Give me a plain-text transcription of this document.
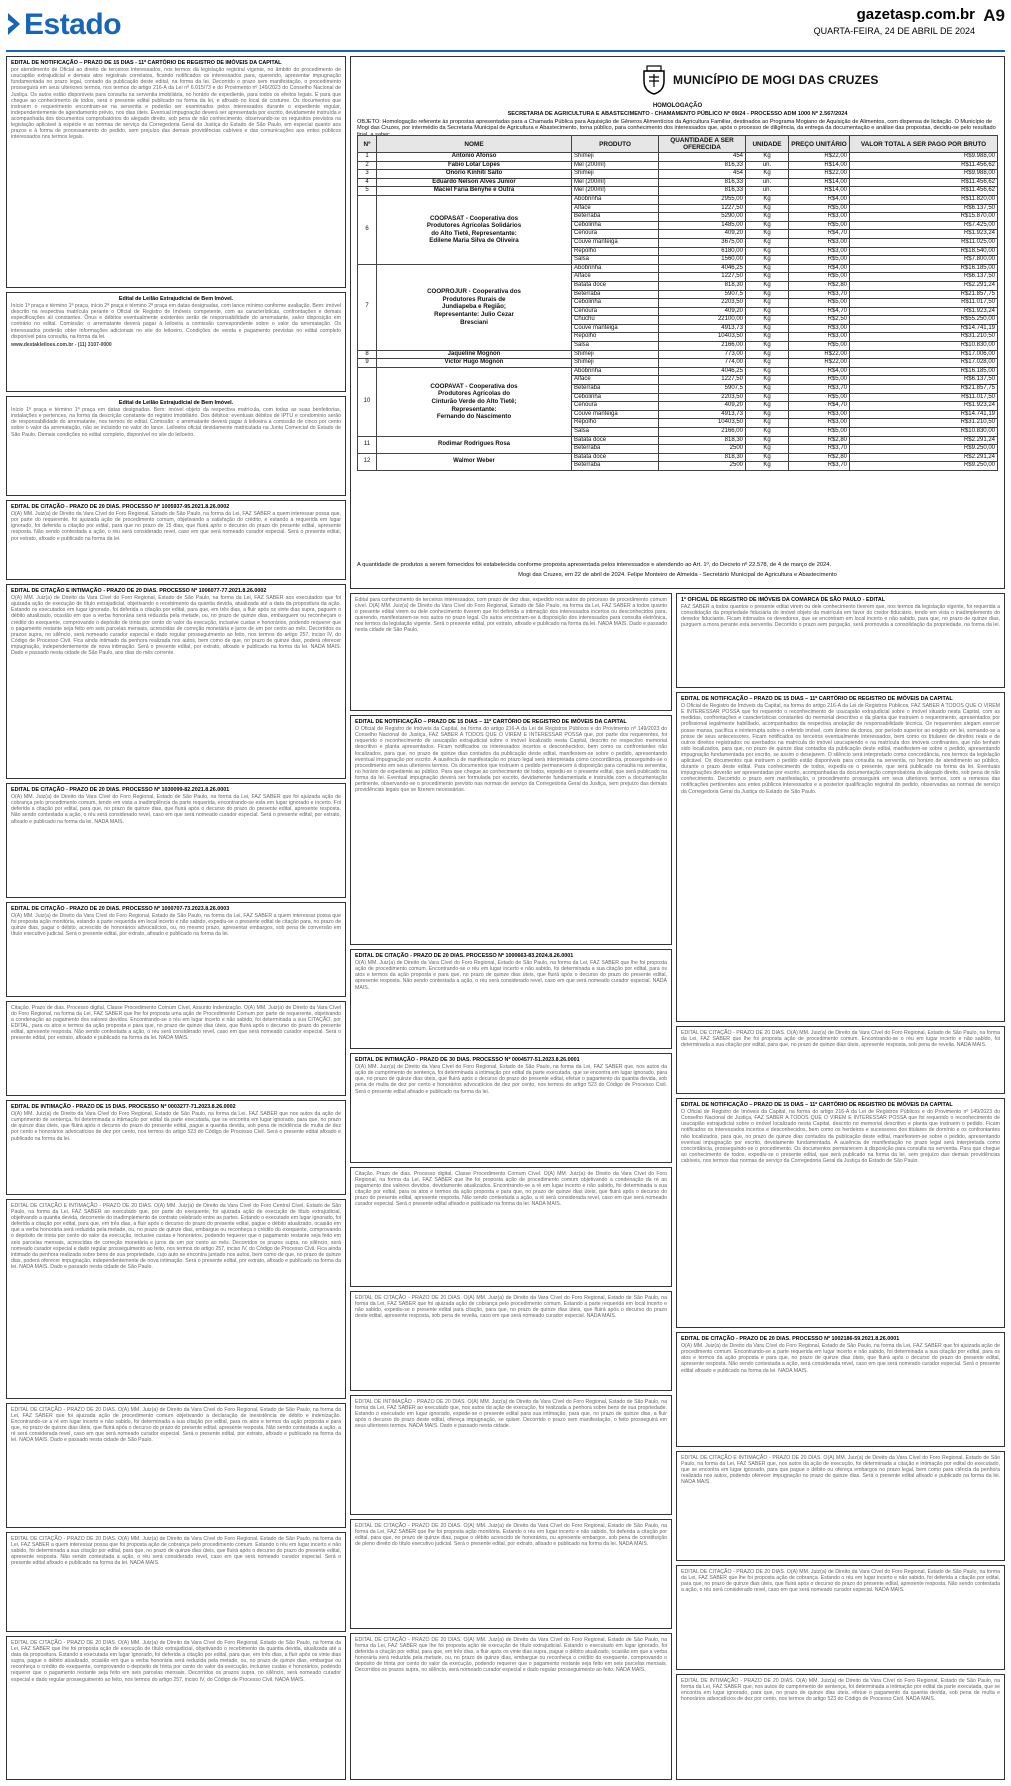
Estado	gazetasp.com.br
QUARTA-FEIRA, 24 DE ABRIL DE 2024
A9
EDITAL DE NOTIFICAÇÃO – PRAZO DE 15 DIAS - 11º CARTÓRIO DE REGISTRO DE IMÓVEIS DA CAPITAL
por atendimento de Oficial ao direito de terceiros interessados, nos termos da legislação registral vigente, no âmbito do procedimento de usucapião extrajudicial e demais atos registrais correlatos, ficando notificados os interessados para, querendo, apresentar impugnação fundamentada no prazo legal, contado da publicação deste edital, na forma da lei. Decorrido o prazo sem manifestação, o procedimento prosseguirá em seus ulteriores termos, nos termos do artigo 216-A da Lei nº 6.015/73 e do Provimento nº 149/2023 do Conselho Nacional de Justiça. Os autos estão disponíveis para consulta na serventia imobiliária, no horário de expediente, para todos os efeitos legais. E para que chegue ao conhecimento de todos, será o presente edital publicado na forma da lei, e afixado no local de costume. Os documentos que instruem o requerimento encontram-se na serventia e poderão ser examinados pelos interessados durante o expediente regular, independentemente de agendamento prévio, nos dias úteis. Eventual impugnação deverá ser apresentada por escrito, devidamente instruída e acompanhada dos documentos comprobatórios do alegado direito, sob pena de não conhecimento, observando-se os requisitos previstos na legislação aplicável à espécie e as normas de serviço da Corregedoria Geral da Justiça do Estado de São Paulo, em especial quanto aos prazos e à forma de processamento do pedido, sem prejuízo das demais providências cabíveis e das comunicações aos entes públicos interessados nos termos legais.
Edital de Leilão Extrajudicial de Bem Imóvel.
Início 1ª praça e término 1ª praça, início 2ª praça e término 2ª praça em datas designadas, com lance mínimo conforme avaliação. Bem: imóvel descrito na respectiva matrícula perante o Oficial de Registro de Imóveis competente, com as características, confrontações e demais especificações ali constantes. Ônus e débitos eventualmente existentes serão de responsabilidade do arrematante, salvo disposição em contrário no edital. Comissão: o arrematante deverá pagar à leiloeira a comissão correspondente sobre o valor da arrematação. Os interessados poderão obter informações adicionais no site do leiloeiro. Condições de venda e pagamento previstas no edital completo disponível para consulta, na forma da lei.
www.destakleiloes.com.br - (11) 3107-0000
Edital de Leilão Extrajudicial de Bem Imóvel.
Início 1ª praça e término 1ª praça em datas designadas. Bem: imóvel objeto da respectiva matrícula, com todas as suas benfeitorias, instalações e pertences, na forma da descrição constante do registro imobiliário. Dos débitos: eventuais débitos de IPTU e condomínio serão de responsabilidade do arrematante, nos termos do edital. Comissão: o arrematante deverá pagar à leiloeira a comissão de cinco por cento sobre o valor da arrematação, não se incluindo no valor do lance. Leiloeira oficial devidamente matriculada na Junta Comercial do Estado de São Paulo. Demais condições no edital completo, disponível no site do leiloeiro.
EDITAL DE CITAÇÃO - PRAZO DE 20 DIAS. PROCESSO Nº 1005937-95.2021.8.26.0002
O(A) MM. Juiz(a) de Direito da Vara Cível do Foro Regional, Estado de São Paulo, na forma da Lei, FAZ SABER a quem interessar possa que, por parte do requerente, foi ajuizada ação de procedimento comum, objetivando a satisfação do crédito, e estando a requerida em lugar ignorado, foi deferida a citação por edital, para que no prazo de 15 dias, que fluirá após o decurso do prazo do presente edital, apresente resposta. Não sendo contestada a ação, o réu será considerado revel, caso em que será nomeado curador especial. Será o presente edital, por extrato, afixado e publicado na forma da lei.
EDITAL DE CITAÇÃO E INTIMAÇÃO - PRAZO DE 20 DIAS. PROCESSO Nº 1006077-77.2021.8.26.0002
O(A) MM. Juiz(a) de Direito da Vara Cível do Foro Regional, Estado de São Paulo, na forma da Lei, FAZ SABER aos executados que foi ajuizada ação de execução de título extrajudicial, objetivando o recebimento da quantia devida, atualizada até a data da propositura da ação. Estando os executados em lugar ignorado, foi deferida a citação por edital, para que, em três dias, a fluir após os vinte dias supra, paguem o débito atualizado, ocasião em que a verba honorária será reduzida pela metade, ou, no prazo de quinze dias, embarguem ou reconheçam o crédito do exequente, comprovando o depósito de trinta por cento do valor da execução, inclusive custas e honorários, podendo requerer que o pagamento restante seja feito em seis parcelas mensais, acrescidas de correção monetária e juros de um por cento ao mês. Decorridos os prazos supra, no silêncio, será nomeado curador especial e dado regular prosseguimento ao feito, nos termos do artigo 257, inciso IV, do Código de Processo Civil. Fica ainda intimado da penhora realizada nos autos, bem como de que, no prazo de quinze dias, poderá oferecer impugnação, independentemente de nova intimação. Será o presente edital, por extrato, afixado e publicado na forma da lei. NADA MAIS. Dado e passado nesta cidade de São Paulo, aos dias do mês corrente.
EDITAL DE CITAÇÃO - PRAZO DE 20 DIAS. PROCESSO Nº 1030099-82.2021.8.26.0001
O(A) MM. Juiz(a) de Direito da Vara Cível do Foro Regional, Estado de São Paulo, na forma da Lei, FAZ SABER que foi ajuizada ação de cobrança pelo procedimento comum, tendo em vista a inadimplência da parte requerida, encontrando-se esta em lugar ignorado e incerto. Foi deferida a citação por edital, para que, no prazo de quinze dias, que fluirá após o decurso do prazo do presente edital, apresente resposta. Não sendo contestada a ação, o réu será considerado revel, caso em que será nomeado curador especial. Será o presente edital, por extrato, afixado e publicado na forma da lei. NADA MAIS.
EDITAL DE CITAÇÃO - PRAZO DE 20 DIAS. PROCESSO Nº 1000707-73.2023.8.26.0003
O(A) MM. Juiz(a) de Direito da Vara Cível do Foro Regional, Estado de São Paulo, na forma da Lei, FAZ SABER a quem interessar possa que foi proposta ação monitória, estando a parte requerida em local incerto e não sabido, expediu-se o presente edital de citação para, no prazo de quinze dias, pagar o débito, acrescido de honorários advocatícios, ou, no mesmo prazo, apresentar embargos, sob pena de conversão em título executivo judicial. Será o presente edital, por extrato, afixado e publicado na forma da lei.
Citação. Prazo de dias. Processo digital, Classe Procedimento Comum Cível, Assunto Indenização. O(A) MM. Juiz(a) de Direito da Vara Cível do Foro Regional, na forma da Lei, FAZ SABER que lhe foi proposta uma ação de Procedimento Comum por parte de requerente, objetivando a condenação ao pagamento dos valores devidos. Encontrando-se o réu em lugar incerto e não sabido, foi determinada a sua CITAÇÃO, por EDITAL, para os atos e termos da ação proposta e para que, no prazo de quinze dias úteis, que fluirá após o decurso do prazo do presente edital, apresente resposta. Não sendo contestada a ação, o réu será considerado revel, caso em que será nomeado curador especial. Será o presente edital, por extrato, afixado e publicado na forma da lei. NADA MAIS.
EDITAL DE INTIMAÇÃO - PRAZO DE 15 DIAS. PROCESSO Nº 0003277-71.2023.8.26.0002
O(A) MM. Juiz(a) de Direito da Vara Cível do Foro Regional, Estado de São Paulo, na forma da Lei, FAZ SABER que nos autos da ação de cumprimento de sentença, foi determinada a intimação por edital da parte executada, que se encontra em lugar ignorado, para que, no prazo de quinze dias úteis, que fluirá após o decurso do prazo do presente edital, pague a quantia devida, sob pena de incidência de multa de dez por cento e honorários advocatícios de dez por cento, nos termos do artigo 523 do Código de Processo Civil. Será o presente edital afixado e publicado na forma da lei.
EDITAL DE CITAÇÃO E INTIMAÇÃO - PRAZO DE 20 DIAS. O(A) MM. Juiz(a) de Direito da Vara Cível do Foro Central Cível, Estado de São Paulo, na forma da Lei, FAZ SABER ao executado que, por parte do exequente, foi ajuizada ação de execução de título extrajudicial, objetivando a quantia devida, decorrente do inadimplemento de contrato celebrado entre as partes. Estando o executado em lugar ignorado, foi deferida a citação por edital, para que, em três dias, a fluir após o decurso do prazo do presente edital, pague o débito atualizado, ocasião em que a verba honorária será reduzida pela metade, ou, no prazo de quinze dias, embargue ou reconheça o crédito do exequente, comprovando o depósito de trinta por cento do valor da execução, inclusive custas e honorários, podendo requerer que o pagamento restante seja feito em seis parcelas mensais, acrescidas de correção monetária e juros de um por cento ao mês. Decorridos os prazos supra, no silêncio, será nomeado curador especial e dado regular prosseguimento ao feito, nos termos do artigo 257, inciso IV, do Código de Processo Civil. Fica ainda intimado da penhora realizada sobre bens de sua propriedade, cujo auto se encontra juntado nos autos, bem como de que, no prazo de quinze dias, poderá oferecer impugnação, independentemente de nova intimação. Será o presente edital, por extrato, afixado e publicado na forma da lei. NADA MAIS. Dado e passado nesta cidade de São Paulo.
EDITAL DE CITAÇÃO - PRAZO DE 20 DIAS. O(A) MM. Juiz(a) de Direito da Vara Cível do Foro Regional, Estado de São Paulo, na forma da Lei, FAZ SABER que foi ajuizada ação de procedimento comum objetivando a declaração de inexistência de débito e indenização. Encontrando-se a ré em lugar incerto e não sabido, foi determinada a sua citação por edital, para os atos e termos da ação proposta e para que, no prazo de quinze dias úteis, que fluirá após o decurso do prazo do presente edital, apresente resposta. Não sendo contestada a ação, a ré será considerada revel, caso em que será nomeado curador especial. Será o presente edital, por extrato, afixado e publicado na forma da lei. NADA MAIS. Dado e passado nesta cidade de São Paulo.
EDITAL DE CITAÇÃO - PRAZO DE 20 DIAS. O(A) MM. Juiz(a) de Direito da Vara Cível do Foro Regional, Estado de São Paulo, na forma da Lei, FAZ SABER a quem interessar possa que foi proposta ação de cobrança pelo procedimento comum. Estando o réu em lugar incerto e não sabido, foi determinada a sua citação por edital, para que, no prazo de quinze dias úteis, que fluirá após o decurso do prazo do presente edital, apresente resposta. Não sendo contestada a ação, o réu será considerado revel, caso em que será nomeado curador especial. Será o presente edital afixado e publicado na forma da lei. NADA MAIS.
EDITAL DE CITAÇÃO - PRAZO DE 20 DIAS. O(A) MM. Juiz(a) de Direito da Vara Cível do Foro Regional, Estado de São Paulo, na forma da Lei, FAZ SABER que lhe foi proposta ação de execução de título extrajudicial, objetivando o recebimento da quantia devida, atualizada até a data da propositura. Estando a executada em lugar ignorado, foi deferida a citação por edital, para que, em três dias, a fluir após os vinte dias supra, pague o débito atualizado, ocasião em que a verba honorária será reduzida pela metade, ou, no prazo de quinze dias, embargue ou reconheça o crédito do exequente, comprovando o depósito de trinta por cento do valor da execução, inclusive custas e honorários, podendo requerer que o pagamento restante seja feito em seis parcelas mensais. Decorridos os prazos supra, no silêncio, será nomeado curador especial e dado regular prosseguimento ao feito, nos termos do artigo 257, inciso IV, do Código de Processo Civil. NADA MAIS.
MUNICÍPIO DE MOGI DAS CRUZES
HOMOLOGAÇÃO
SECRETARIA DE AGRICULTURA E ABASTECIMENTO - CHAMAMENTO PÚBLICO Nº 09/24 - PROCESSO ADM 1000 Nº 2.567/2024
OBJETO: Homologação referente às propostas apresentadas para a Chamada Pública para Aquisição de Gêneros Alimentícios da Agricultura Familiar, destinados ao Programa Mogiano de Aquisição de Alimentos, com dispensa de licitação. O Município de Mogi das Cruzes, por intermédio da Secretaria Municipal de Agricultura e Abastecimento, torna público, para conhecimento dos interessados que, após o processo de diligência, da entrega da documentação e análise das propostas, decidiu-se pelo resultado
Nº	NOME	PRODUTO	QUANTIDADE A SER OFERECIDA	UNIDADE	PREÇO UNITÁRIO	VALOR TOTAL A SER PAGO POR BRUTO
1	Antonio Afonso	Shimeji	454	Kg	R$22,00	R$9.988,00
2	Fabio Lotar Lopes	Mel (200ml)	816,33	un.	R$14,00	R$11.456,62
3	Onorio Kinhiti Saito	Shimeji	454	Kg	R$22,00	R$9.988,00
4	Eduardo Nelson Alves Junior	Mel (200ml)	816,33	un.	R$14,00	R$11.456,62
5	Maciel Faria Benyhe e Outra	Mel (200ml)	816,33	un.	R$14,00	R$11.456,62
6	COOPASAT - Cooperativa dos
Produtores Agrícolas Solidários
do Alto Tietê, Representante:
Edilene Maria Silva de Oliveira	Abobrinha	2955,00	Kg	R$4,00	R$11.820,00
		Alface	1227,50	Kg	R$5,00	R$6.137,50
		Beterraba	5290,00	Kg	R$3,00	R$15.870,00
		Cebolinha	1485,00	Kg	R$5,00	R$7.425,00
		Cenoura	409,20	Kg	R$4,70	R$1.923,24
		Couve manteiga	3675,00	Kg	R$3,00	R$11.025,00
		Repolho	6180,00	Kg	R$3,00	R$18.540,00
		Salsa	1560,00	Kg	R$5,00	R$7.800,00
7	COOPROJUR - Cooperativa dos
Produtores Rurais de
Jundiapeba e Região;
Representante: Julio Cezar
Bresciani	Abobrinha	4046,25	Kg	R$4,00	R$16.185,00
		Alface	1227,50	Kg	R$5,00	R$6.137,50
		Batata doce	818,30	Kg	R$2,80	R$2.291,24
		Beterraba	5907,5	Kg	R$3,70	R$21.857,75
		Cebolinha	2203,50	Kg	R$5,00	R$11.017,50
		Cenoura	409,20	Kg	R$4,70	R$1.923,24
		Chuchu	22100,00	Kg	R$2,50	R$55.250,00
		Couve manteiga	4913,73	Kg	R$3,00	R$14.741,19
		Repolho	10403,50	Kg	R$3,00	R$31.210,50
		Salsa	2166,00	Kg	R$5,00	R$10.830,00
8	Jaqueline Mognon	Shimeji	773,00	Kg	R$22,00	R$17.006,00
9	Victor Hugo Mognon	Shimeji	774,00	Kg	R$22,00	R$17.028,00
10	COOPAVAT - Cooperativa dos
Produtores Agrícolas do
Cinturão Verde do Alto Tietê;
Representante:
Fernando do Nascimento	Abobrinha	4046,25	Kg	R$4,00	R$16.185,00
		Alface	1227,50	Kg	R$5,00	R$6.137,50
		Beterraba	5907,5	Kg	R$3,70	R$21.857,75
		Cebolinha	2203,50	Kg	R$5,00	R$11.017,50
		Cenoura	409,20	Kg	R$4,70	R$1.923,24
		Couve manteiga	4913,73	Kg	R$3,00	R$14.741,19
		Repolho	10403,50	Kg	R$3,00	R$31.210,50
		Salsa	2166,00	Kg	R$5,00	R$10.830,00
11	Rodimar Rodrigues Rosa	Batata doce	818,30	Kg	R$2,80	R$2.291,24
		Beterraba	2500	Kg	R$3,70	R$9.250,00
12	Walmor Weber	Batata doce	818,30	Kg	R$2,80	R$2.291,24
		Beterraba	2500	Kg	R$3,70	R$9.250,00
A quantidade de produtos a serem fornecidos foi estabelecida conforme proposta apresentada pelos interessados e atendendo ao Art. 1º, do Decreto nº 22.578, de 4 de março de 2024.
Mogi das Cruzes, em 22 de abril de 2024. Felipe Monteiro de Almeida - Secretário Municipal de Agricultura e Abastecimento
Edital para conhecimento de terceiros interessados, com prazo de dez dias, expedido nos autos do processo de procedimento comum cível. O(A) MM. Juiz(a) de Direito da Vara Cível do Foro Regional, Estado de São Paulo, na forma da Lei, FAZ SABER a todos quanto o presente edital virem ou dele conhecimento tiverem que foi deferida a intimação dos interessados incertos ou desconhecidos para, querendo, manifestarem-se nos autos no prazo legal. Os autos encontram-se à disposição dos interessados para consulta eletrônica, nos termos da legislação vigente. Será o presente edital, por extrato, afixado e publicado na forma da lei. NADA MAIS. Dado e passado nesta cidade de São Paulo.
EDITAL DE NOTIFICAÇÃO – PRAZO DE 15 DIAS – 11º CARTÓRIO DE REGISTRO DE IMÓVEIS DA CAPITAL
O Oficial de Registro de Imóveis da Capital, na forma do artigo 216-A da Lei de Registros Públicos e do Provimento nº 149/2023 do Conselho Nacional de Justiça, FAZ SABER A TODOS QUE O VIREM E INTERESSAR POSSA que, por parte dos requerentes, foi requerido o reconhecimento de usucapião extrajudicial sobre o imóvel localizado nesta Capital, descrito no respectivo memorial descritivo e planta apresentados. Ficam notificados os interessados incertos e desconhecidos, bem como os confrontantes não localizados, para que, no prazo de quinze dias contados da publicação deste edital, manifestem-se sobre o pedido, apresentando eventual impugnação por escrito. A ausência de manifestação no prazo legal será interpretada como concordância, prosseguindo-se o procedimento em seus ulteriores termos. Os documentos que instruem o pedido permanecem à disposição para consulta na serventia, no horário de expediente ao público. Para que chegue ao conhecimento de todos, expediu-se o presente edital, que será publicado na forma da lei. Eventual impugnação deverá ser formulada por escrito, devidamente fundamentada e instruída com a documentação pertinente, observando-se o procedimento previsto nas normas de serviço da Corregedoria Geral da Justiça, sem prejuízo das demais providências legais que se fizerem necessárias.
EDITAL DE CITAÇÃO - PRAZO DE 20 DIAS. PROCESSO Nº 1000663-83.2024.8.26.0001
O(A) MM. Juiz(a) de Direito da Vara Cível do Foro Regional, Estado de São Paulo, na forma da Lei, FAZ SABER que lhe foi proposta ação de procedimento comum. Encontrando-se o réu em lugar incerto e não sabido, foi determinada a sua citação por edital, para os atos e termos da ação proposta e para que, no prazo de quinze dias úteis, que fluirá após o decurso do prazo do presente edital, apresente resposta. Não sendo contestada a ação, o réu será considerado revel, caso em que será nomeado curador especial. NADA MAIS.
EDITAL DE INTIMAÇÃO - PRAZO DE 30 DIAS. PROCESSO Nº 0004577-51.2023.8.26.0001
O(A) MM. Juiz(a) de Direito da Vara Cível do Foro Regional, Estado de São Paulo, na forma da Lei, FAZ SABER que, nos autos da ação de cumprimento de sentença, foi determinada a intimação por edital da parte executada, que se encontra em lugar ignorado, para que, no prazo de quinze dias úteis, que fluirá após o decurso do prazo do presente edital, efetue o pagamento da quantia devida, sob pena de multa de dez por cento e honorários advocatícios de dez por cento, nos termos do artigo 523 do Código de Processo Civil. Será o presente edital afixado e publicado na forma da lei.
Citação. Prazo de dias. Processo digital, Classe Procedimento Comum Cível. O(A) MM. Juiz(a) de Direito da Vara Cível do Foro Regional, na forma da Lei, FAZ SABER que lhe foi proposta ação de procedimento comum objetivando a condenação da ré ao pagamento dos valores devidos, devidamente atualizados. Encontrando-se a ré em lugar incerto e não sabido, foi determinada a sua citação por edital, para os atos e termos da ação proposta e para que, no prazo de quinze dias úteis, que fluirá após o decurso do prazo do presente edital, apresente resposta. Não sendo contestada a ação, a ré será considerada revel, caso em que será nomeado curador especial. Será o presente edital afixado e publicado na forma da lei. NADA MAIS.
EDITAL DE CITAÇÃO - PRAZO DE 20 DIAS. O(A) MM. Juiz(a) de Direito da Vara Cível do Foro Regional, Estado de São Paulo, na forma da Lei, FAZ SABER que foi ajuizada ação de cobrança pelo procedimento comum. Estando a parte requerida em local incerto e não sabido, expediu-se o presente edital para citação, para que, no prazo de quinze dias úteis, que fluirá após o decurso do prazo deste edital, apresente resposta, sob pena de revelia, caso em que será nomeado curador especial. NADA MAIS.
EDITAL DE INTIMAÇÃO - PRAZO DE 20 DIAS. O(A) MM. Juiz(a) de Direito da Vara Cível do Foro Regional, Estado de São Paulo, na forma da Lei, FAZ SABER ao executado que, nos autos da ação de execução, foi realizada a penhora sobre bens de sua propriedade. Estando o executado em lugar ignorado, expede-se o presente edital para sua intimação, para que, no prazo de quinze dias, a fluir após o decurso do prazo deste edital, ofereça impugnação, se quiser. Decorrido o prazo sem manifestação, o feito prosseguirá em seus ulteriores termos. NADA MAIS. Dado e passado nesta cidade.
EDITAL DE CITAÇÃO - PRAZO DE 20 DIAS. O(A) MM. Juiz(a) de Direito da Vara Cível do Foro Regional, Estado de São Paulo, na forma da Lei, FAZ SABER que lhe foi proposta ação monitória. Estando o réu em lugar incerto e não sabido, foi deferida a citação por edital, para que, no prazo de quinze dias, pague o débito acrescido de honorários, ou apresente embargos, sob pena de constituição de pleno direito do título executivo judicial. Será o presente edital, por extrato, afixado e publicado na forma da lei. NADA MAIS.
EDITAL DE CITAÇÃO - PRAZO DE 20 DIAS. O(A) MM. Juiz(a) de Direito da Vara Cível do Foro Regional, Estado de São Paulo, na forma da Lei, FAZ SABER que lhe foi proposta ação de execução de título extrajudicial. Estando o executado em lugar ignorado, foi deferida a citação por edital, para que, em três dias, a fluir após os vinte dias supra, pague o débito atualizado, ocasião em que a verba honorária será reduzida pela metade, ou, no prazo de quinze dias, embargue ou reconheça o crédito do exequente, comprovando o depósito de trinta por cento do valor da execução, podendo requerer que o pagamento restante seja feito em seis parcelas mensais. Decorridos os prazos supra, no silêncio, será nomeado curador especial e dado regular prosseguimento ao feito. NADA MAIS.
1ª OFICIAL DE REGISTRO DE IMÓVEIS DA COMARCA DE SÃO PAULO - EDITAL
FAZ SABER a todos quantos o presente edital virem ou dele conhecimento tiverem que, nos termos da legislação vigente, foi requerida a consolidação da propriedade fiduciária do imóvel objeto da matrícula em favor do credor fiduciário, tendo em vista o inadimplemento do devedor fiduciante. Ficam intimados os devedores, que se encontram em local incerto e não sabido, para que, no prazo de quinze dias, purguem a mora perante esta serventia. Decorrido o prazo sem purgação, será promovida a consolidação da propriedade, na forma da lei.
EDITAL DE NOTIFICAÇÃO – PRAZO DE 15 DIAS – 11º CARTÓRIO DE REGISTRO DE IMÓVEIS DA CAPITAL
O Oficial de Registro de Imóveis da Capital, na forma do artigo 216-A da Lei de Registros Públicos, FAZ SABER A TODOS QUE O VIREM E INTERESSAR POSSA que foi requerido o reconhecimento de usucapião extrajudicial sobre o imóvel situado nesta Capital, com as medidas, confrontações e características constantes do memorial descritivo e da planta que instruem o requerimento, apresentados por profissional legalmente habilitado, acompanhados da respectiva anotação de responsabilidade técnica. Os requerentes alegam exercer posse mansa, pacífica e ininterrupta sobre o referido imóvel, com ânimo de donos, por período superior ao exigido em lei, somando-se a posse de seus antecessores. Ficam notificados os terceiros eventualmente interessados, bem como os titulares de direitos reais e de outros direitos registrados ou averbados na matrícula do imóvel usucapiendo e na matrícula dos imóveis confinantes, que não tenham sido localizados, para que, no prazo de quinze dias contados da publicação deste edital, manifestem-se sobre o pedido, apresentando impugnação fundamentada por escrito, se assim o desejarem. O silêncio será interpretado como concordância, nos termos da legislação aplicável. Os documentos que instruem o pedido estão disponíveis para consulta na serventia, no horário de atendimento ao público, durante o prazo deste edital. Para conhecimento de todos, expediu-se o presente, que será publicado na forma da lei. Eventuais impugnações deverão ser apresentadas por escrito, acompanhadas da documentação comprobatória do alegado direito, sob pena de não conhecimento. Decorrido o prazo sem manifestação, o procedimento prosseguirá em seus ulteriores termos, com a remessa das notificações pertinentes aos entes públicos interessados e a posterior qualificação registral do pedido, observadas as normas de serviço da Corregedoria Geral da Justiça do Estado de São Paulo.
EDITAL DE CITAÇÃO - PRAZO DE 20 DIAS. O(A) MM. Juiz(a) de Direito da Vara Cível do Foro Regional, Estado de São Paulo, na forma da Lei, FAZ SABER que lhe foi proposta ação de procedimento comum. Encontrando-se o réu em lugar incerto e não sabido, foi determinada a sua citação por edital, para que, no prazo de quinze dias úteis, apresente resposta, sob pena de revelia. NADA MAIS.
EDITAL DE NOTIFICAÇÃO – PRAZO DE 15 DIAS – 11º CARTÓRIO DE REGISTRO DE IMÓVEIS DA CAPITAL
O Oficial de Registro de Imóveis da Capital, na forma do artigo 216-A da Lei de Registros Públicos e do Provimento nº 149/2023 do Conselho Nacional de Justiça, FAZ SABER A TODOS QUE O VIREM E INTERESSAR POSSA que foi requerido o reconhecimento de usucapião extrajudicial sobre o imóvel localizado nesta Capital, descrito no memorial descritivo e planta que instruem o pedido. Ficam notificados os interessados incertos e desconhecidos, bem como os herdeiros e sucessores dos titulares de domínio e os confrontantes não localizados, para que, no prazo de quinze dias contados da publicação deste edital, manifestem-se sobre o pedido, apresentando eventual impugnação por escrito, devidamente fundamentada. A ausência de manifestação no prazo legal será interpretada como concordância, prosseguindo-se o procedimento. Os documentos permanecem à disposição para consulta na serventia. Para que chegue ao conhecimento de todos, expediu-se o presente edital, que será publicado na forma da lei, sem prejuízo das demais providências cabíveis, nos termos das normas de serviço da Corregedoria Geral da Justiça do Estado de São Paulo.
EDITAL DE CITAÇÃO - PRAZO DE 20 DIAS. PROCESSO Nº 1002186-59.2021.8.26.0001
O(A) MM. Juiz(a) de Direito da Vara Cível do Foro Regional, Estado de São Paulo, na forma da Lei, FAZ SABER que foi ajuizada ação de procedimento comum. Encontrando-se a parte requerida em lugar incerto e não sabido, foi determinada a sua citação por edital, para os atos e termos da ação proposta e para que, no prazo de quinze dias úteis, que fluirá após o decurso do prazo do presente edital, apresente resposta. Não sendo contestada a ação, será considerada revel, caso em que será nomeado curador especial. Será o presente edital afixado e publicado na forma da lei. NADA MAIS.
EDITAL DE CITAÇÃO E INTIMAÇÃO - PRAZO DE 20 DIAS. O(A) MM. Juiz(a) de Direito da Vara Cível do Foro Regional, Estado de São Paulo, na forma da Lei, FAZ SABER que, nos autos da ação de execução, foi determinada a citação e intimação por edital do executado, que se encontra em lugar ignorado, para que pague o débito ou ofereça embargos no prazo legal, bem como para ciência da penhora realizada nos autos, podendo oferecer impugnação no prazo de quinze dias. Será o presente edital afixado e publicado na forma da lei. NADA MAIS.
EDITAL DE CITAÇÃO - PRAZO DE 20 DIAS. O(A) MM. Juiz(a) de Direito da Vara Cível do Foro Regional, Estado de São Paulo, na forma da Lei, FAZ SABER que lhe foi proposta ação de cobrança. Estando o réu em lugar incerto e não sabido, foi deferida a citação por edital, para que, no prazo de quinze dias úteis, que fluirá após o decurso do prazo do presente edital, apresente resposta. Não sendo contestada a ação, o réu será considerado revel, caso em que será nomeado curador especial. NADA MAIS.
EDITAL DE INTIMAÇÃO - PRAZO DE 20 DIAS. O(A) MM. Juiz(a) de Direito da Vara Cível do Foro Regional, Estado de São Paulo, na forma da Lei, FAZ SABER que, nos autos do cumprimento de sentença, foi determinada a intimação por edital da parte executada, que se encontra em lugar ignorado, para que, no prazo de quinze dias úteis, efetue o pagamento da quantia devida, sob pena de multa e honorários advocatícios de dez por cento, nos termos do artigo 523 do Código de Processo Civil. NADA MAIS.
